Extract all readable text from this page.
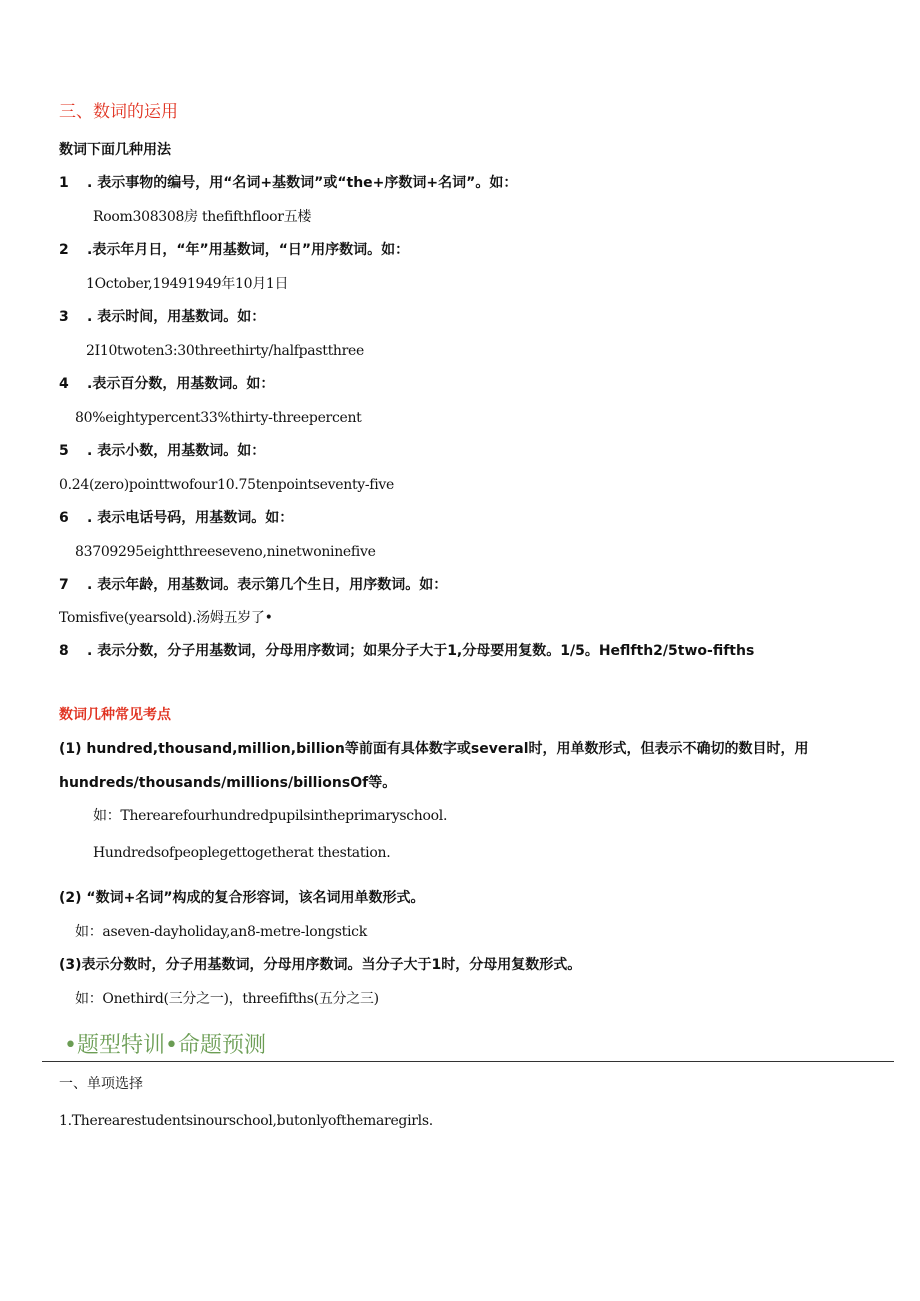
三、数词的运用
数词下面几种用法
1 . 表示事物的编号，用“名词+基数词”或“the+序数词+名词”。如：
Room308308房 thefifthfloor五楼
2 .表示年月日，“年”用基数词，“日”用序数词。如：
1October,19491949年10月1日
3 . 表示时间，用基数词。如：
2I10twoten3:30threethirty/halfpastthree
4 .表示百分数，用基数词。如：
80%eightypercent33%thirty-threepercent
5 . 表示小数，用基数词。如：
0.24(zero)pointtwofour10.75tenpointseventy-five
6 . 表示电话号码，用基数词。如：
83709295eightthreeseveno,ninetwoninefive
7 . 表示年龄，用基数词。表示第几个生日，用序数词。如：
Tomisfive(yearsold).汤姆五岁了•
8 . 表示分数，分子用基数词，分母用序数词；如果分子大于1,分母要用复数。1/5。Heflfth2/5two-fifths
数词几种常见考点
(1) hundred,thousand,million,billion等前面有具体数字或several时，用单数形式，但表示不确切的数目时，用
hundreds/thousands/millions/billionsOf等。
如：Therearefourhundredpupilsintheprimaryschool.
Hundredsofpeoplegettogetherat thestation.
(2) “数词+名词”构成的复合形容词，该名词用单数形式。
如：aseven-dayholiday,an8-metre-longstick
(3)表示分数时，分子用基数词，分母用序数词。当分子大于1时，分母用复数形式。
如：Onethird(三分之一)，threefifths(五分之三)
•题型特训•命题预测
一、单项选择
1.Therearestudentsinourschool,butonlyofthemaregirls.
